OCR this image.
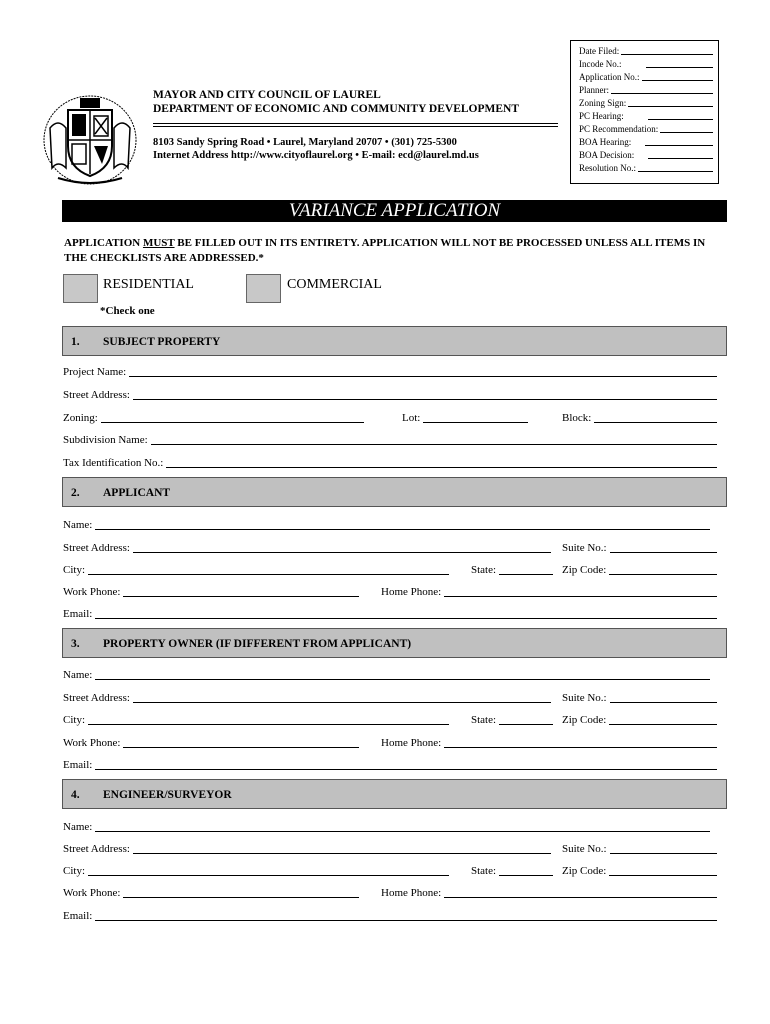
MAYOR AND CITY COUNCIL OF LAUREL
DEPARTMENT OF ECONOMIC AND COMMUNITY DEVELOPMENT
8103 Sandy Spring Road • Laurel, Maryland 20707 • (301) 725-5300
Internet Address http://www.cityoflaurel.org • E-mail: ecd@laurel.md.us
Date Filed:
Incode No.:
Application No.:
Planner:
Zoning Sign:
PC Hearing:
PC Recommendation:
BOA Hearing:
BOA Decision:
Resolution No.:
VARIANCE APPLICATION
APPLICATION MUST BE FILLED OUT IN ITS ENTIRETY. APPLICATION WILL NOT BE PROCESSED UNLESS ALL ITEMS IN THE CHECKLISTS ARE ADDRESSED.*
RESIDENTIAL	COMMERCIAL
*Check one
1. SUBJECT PROPERTY
Project Name:
Street Address:
Zoning:	Lot:	Block:
Subdivision Name:
Tax Identification No.:
2. APPLICANT
Name:
Street Address:	Suite No.:
City:	State:	Zip Code:
Work Phone:	Home Phone:
Email:
3. PROPERTY OWNER (IF DIFFERENT FROM APPLICANT)
Name:
Street Address:	Suite No.:
City:	State:	Zip Code:
Work Phone:	Home Phone:
Email:
4. ENGINEER/SURVEYOR
Name:
Street Address:	Suite No.:
City:	State:	Zip Code:
Work Phone:	Home Phone:
Email:
